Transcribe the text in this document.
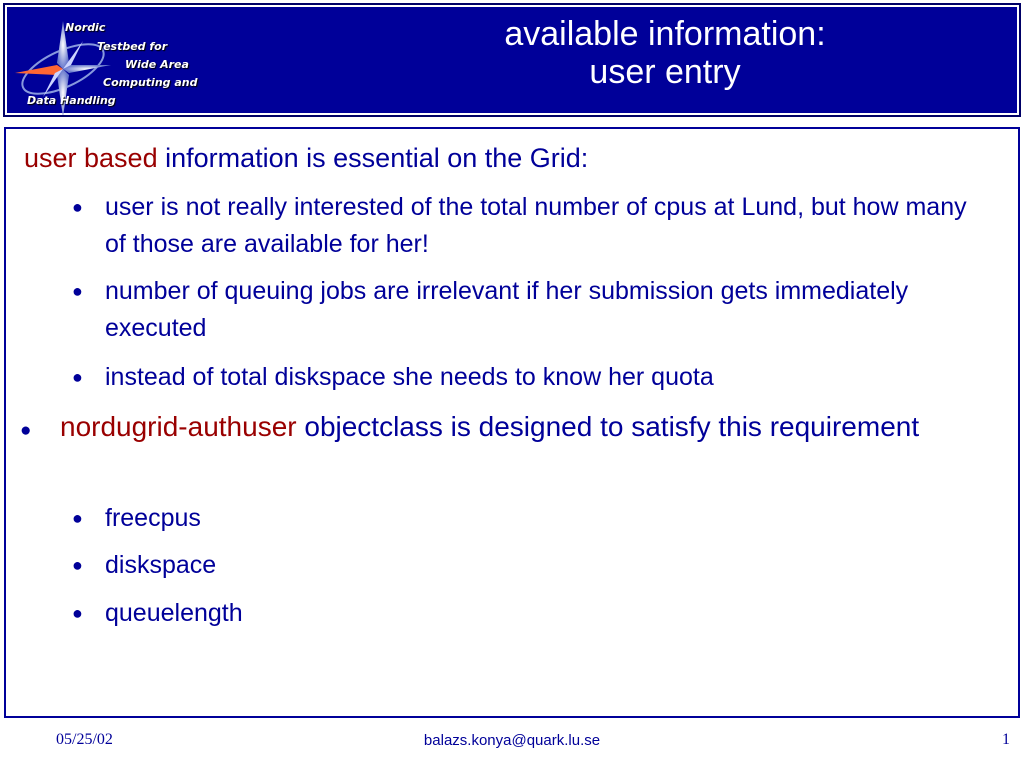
Nordic
Testbed for
Wide Area
Computing and
Data Handling
available information:
user entry
user based information is essential on the Grid:
● user is not really interested of the total number of cpus at Lund, but how many of those are available for her!
● number of queuing jobs are irrelevant if her submission gets immediately executed
● instead of total diskspace she needs to know her quota
● nordugrid-authuser objectclass is designed to satisfy this requirement
● freecpus
● diskspace
● queuelength
05/25/02	balazs.konya@quark.lu.se	1
